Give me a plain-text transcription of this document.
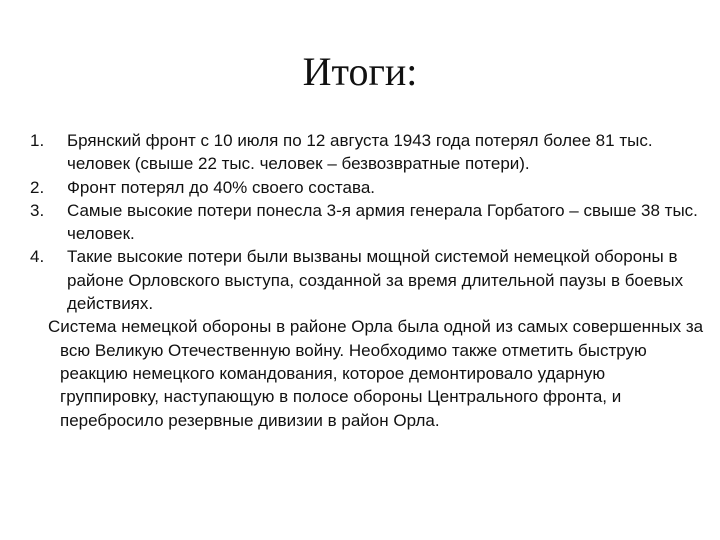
Итоги:
1.	Брянский фронт с 10 июля по 12 августа 1943 года потерял более 81 тыс. человек (свыше 22 тыс. человек – безвозвратные потери).
2.	Фронт потерял до 40% своего состава.
3.	Самые высокие потери понесла 3-я армия генерала Горбатого – свыше 38 тыс. человек.
4.	Такие высокие потери были вызваны мощной системой немецкой обороны в районе Орловского выступа, созданной за время длительной паузы в боевых действиях.

Система немецкой обороны в районе Орла была одной из самых совершенных за всю Великую Отечественную войну. Необходимо также отметить быструю реакцию немецкого командования, которое демонтировало ударную группировку, наступающую в полосе обороны Центрального фронта, и перебросило резервные дивизии в район Орла.
